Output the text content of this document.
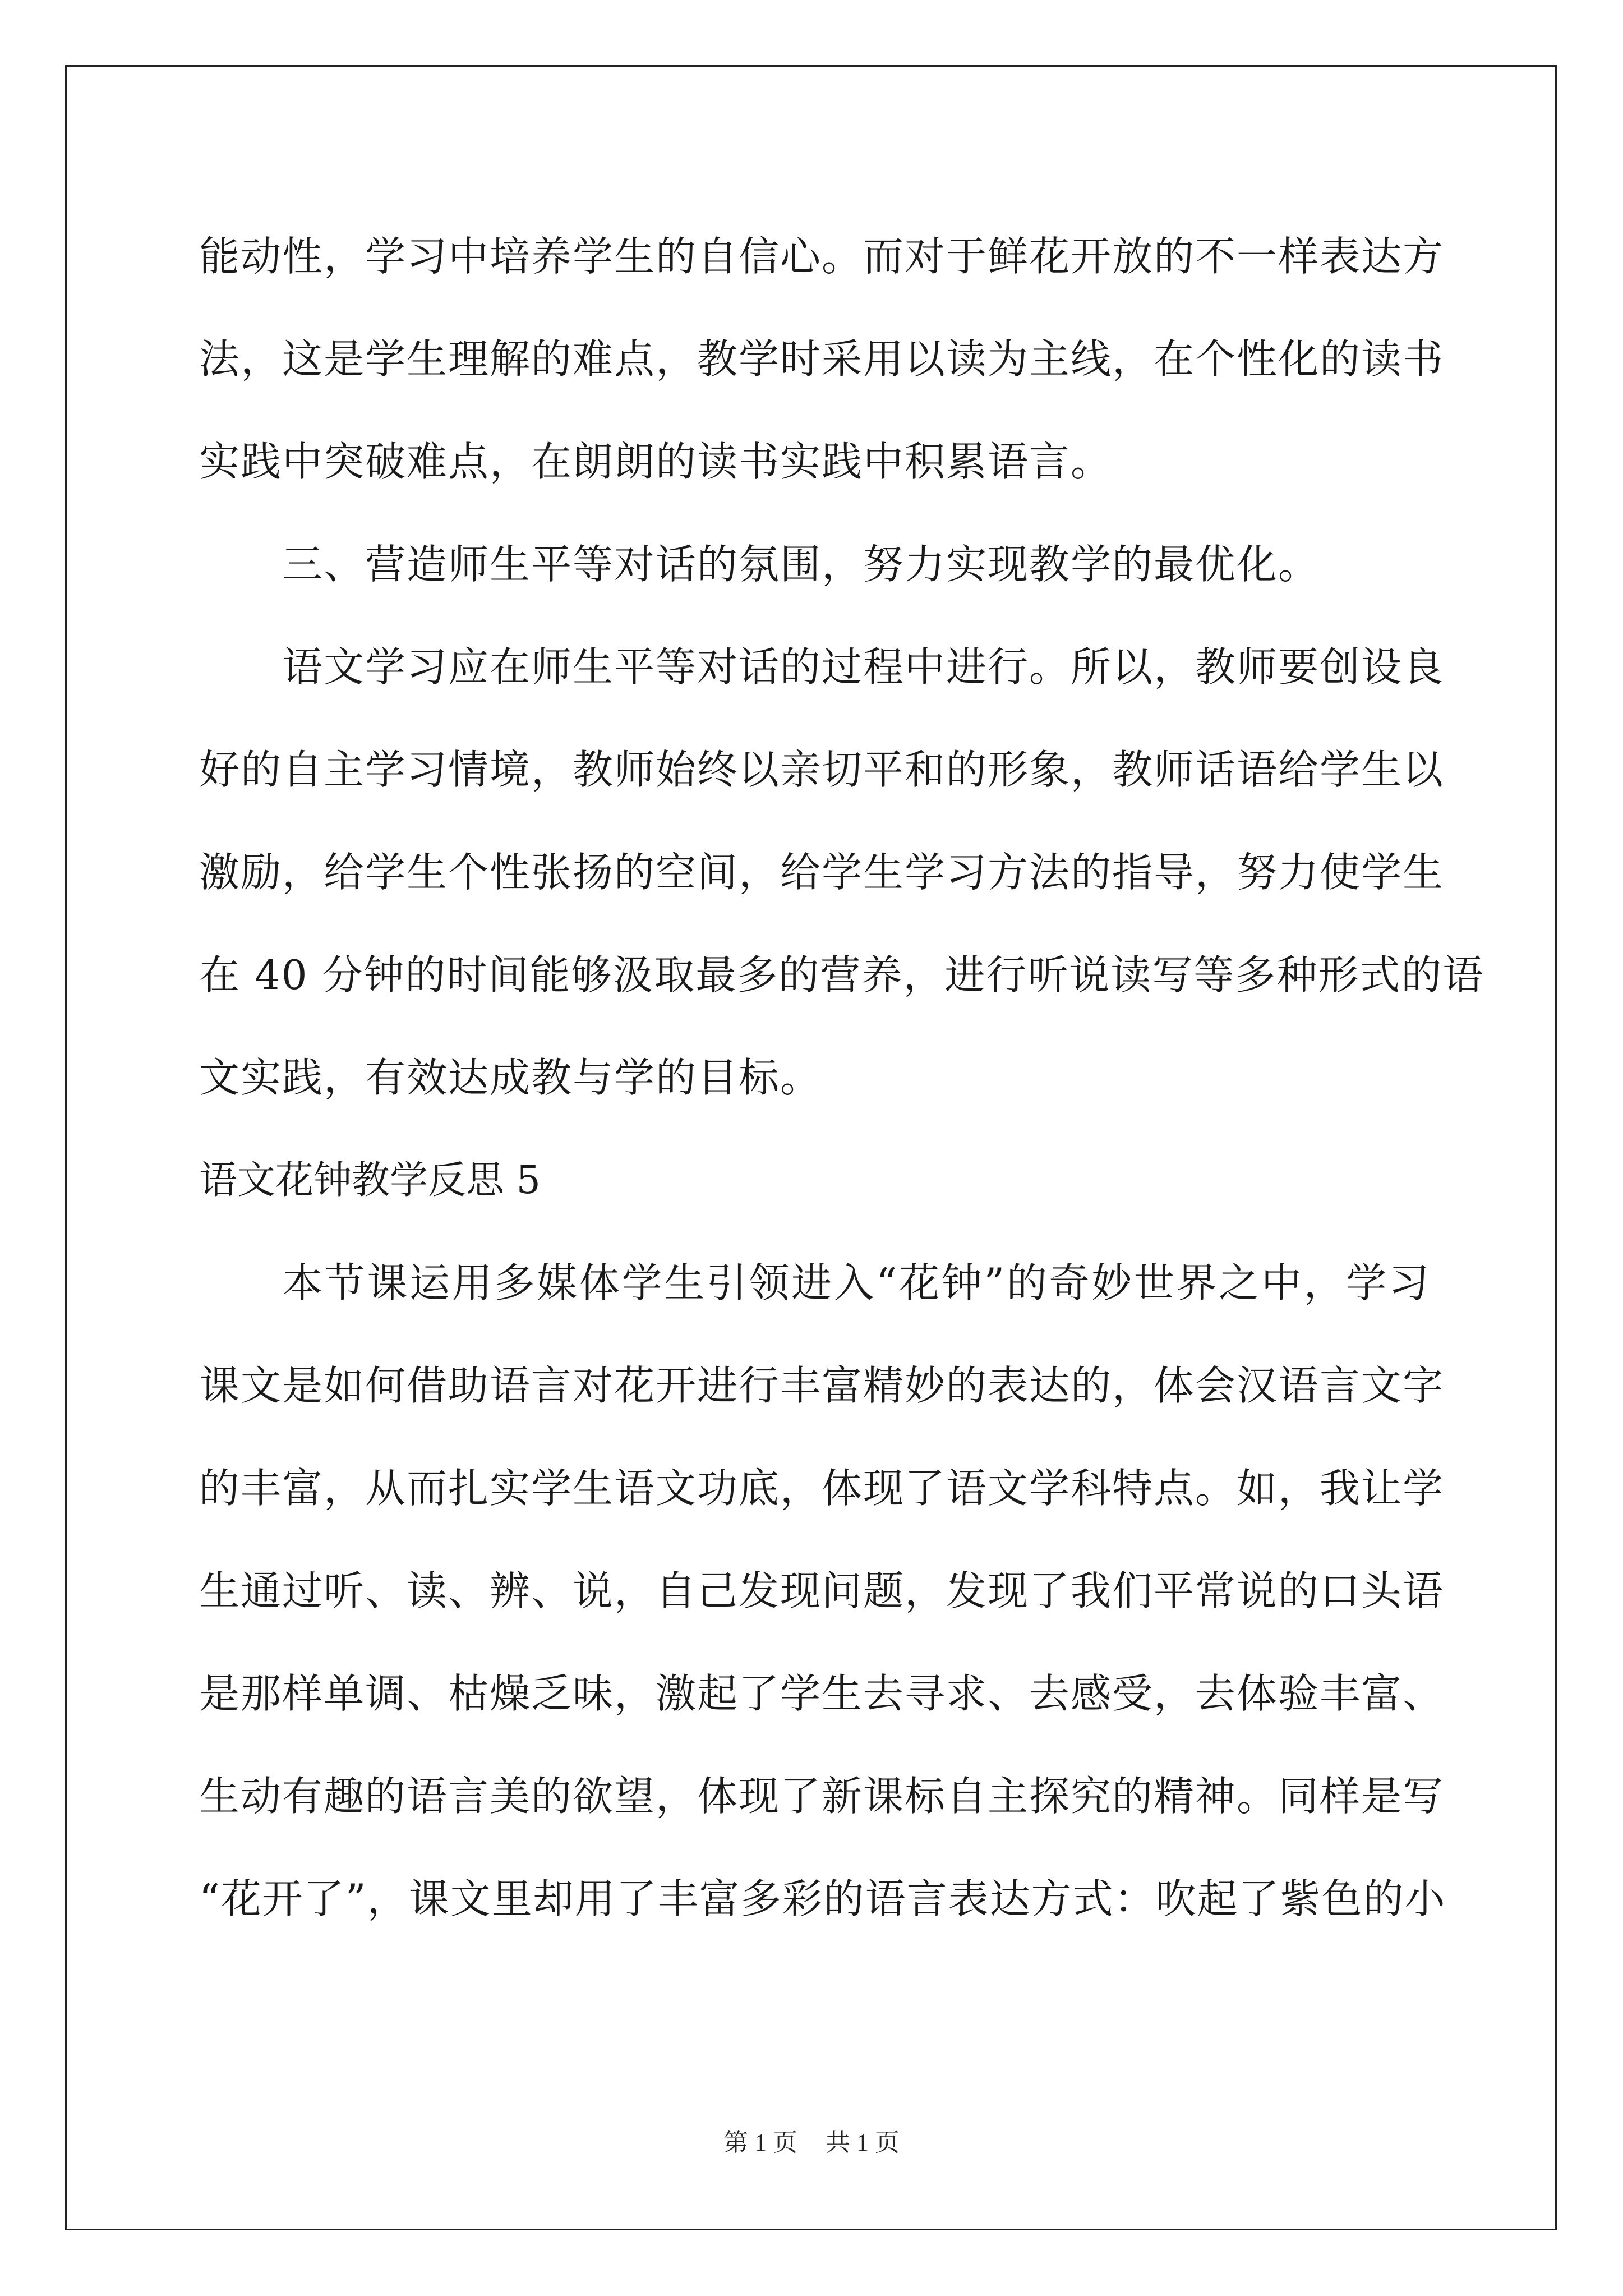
能动性，学习中培养学生的自信心。而对于鲜花开放的不一样表达方
法，这是学生理解的难点，教学时采用以读为主线，在个性化的读书
实践中突破难点，在朗朗的读书实践中积累语言。
三、营造师生平等对话的氛围，努力实现教学的最优化。
语文学习应在师生平等对话的过程中进行。所以，教师要创设良
好的自主学习情境，教师始终以亲切平和的形象，教师话语给学生以
激励，给学生个性张扬的空间，给学生学习方法的指导，努力使学生
在 40 分钟的时间能够汲取最多的营养，进行听说读写等多种形式的语
文实践，有效达成教与学的目标。
语文花钟教学反思 5
本节课运用多媒体学生引领进入“花钟”的奇妙世界之中，学习
课文是如何借助语言对花开进行丰富精妙的表达的，体会汉语言文字
的丰富，从而扎实学生语文功底，体现了语文学科特点。如，我让学
生通过听、读、辨、说，自己发现问题，发现了我们平常说的口头语
是那样单调、枯燥乏味，激起了学生去寻求、去感受，去体验丰富、
生动有趣的语言美的欲望，体现了新课标自主探究的精神。同样是写
“花开了”，课文里却用了丰富多彩的语言表达方式：吹起了紫色的小
第 1 页 共 1 页
